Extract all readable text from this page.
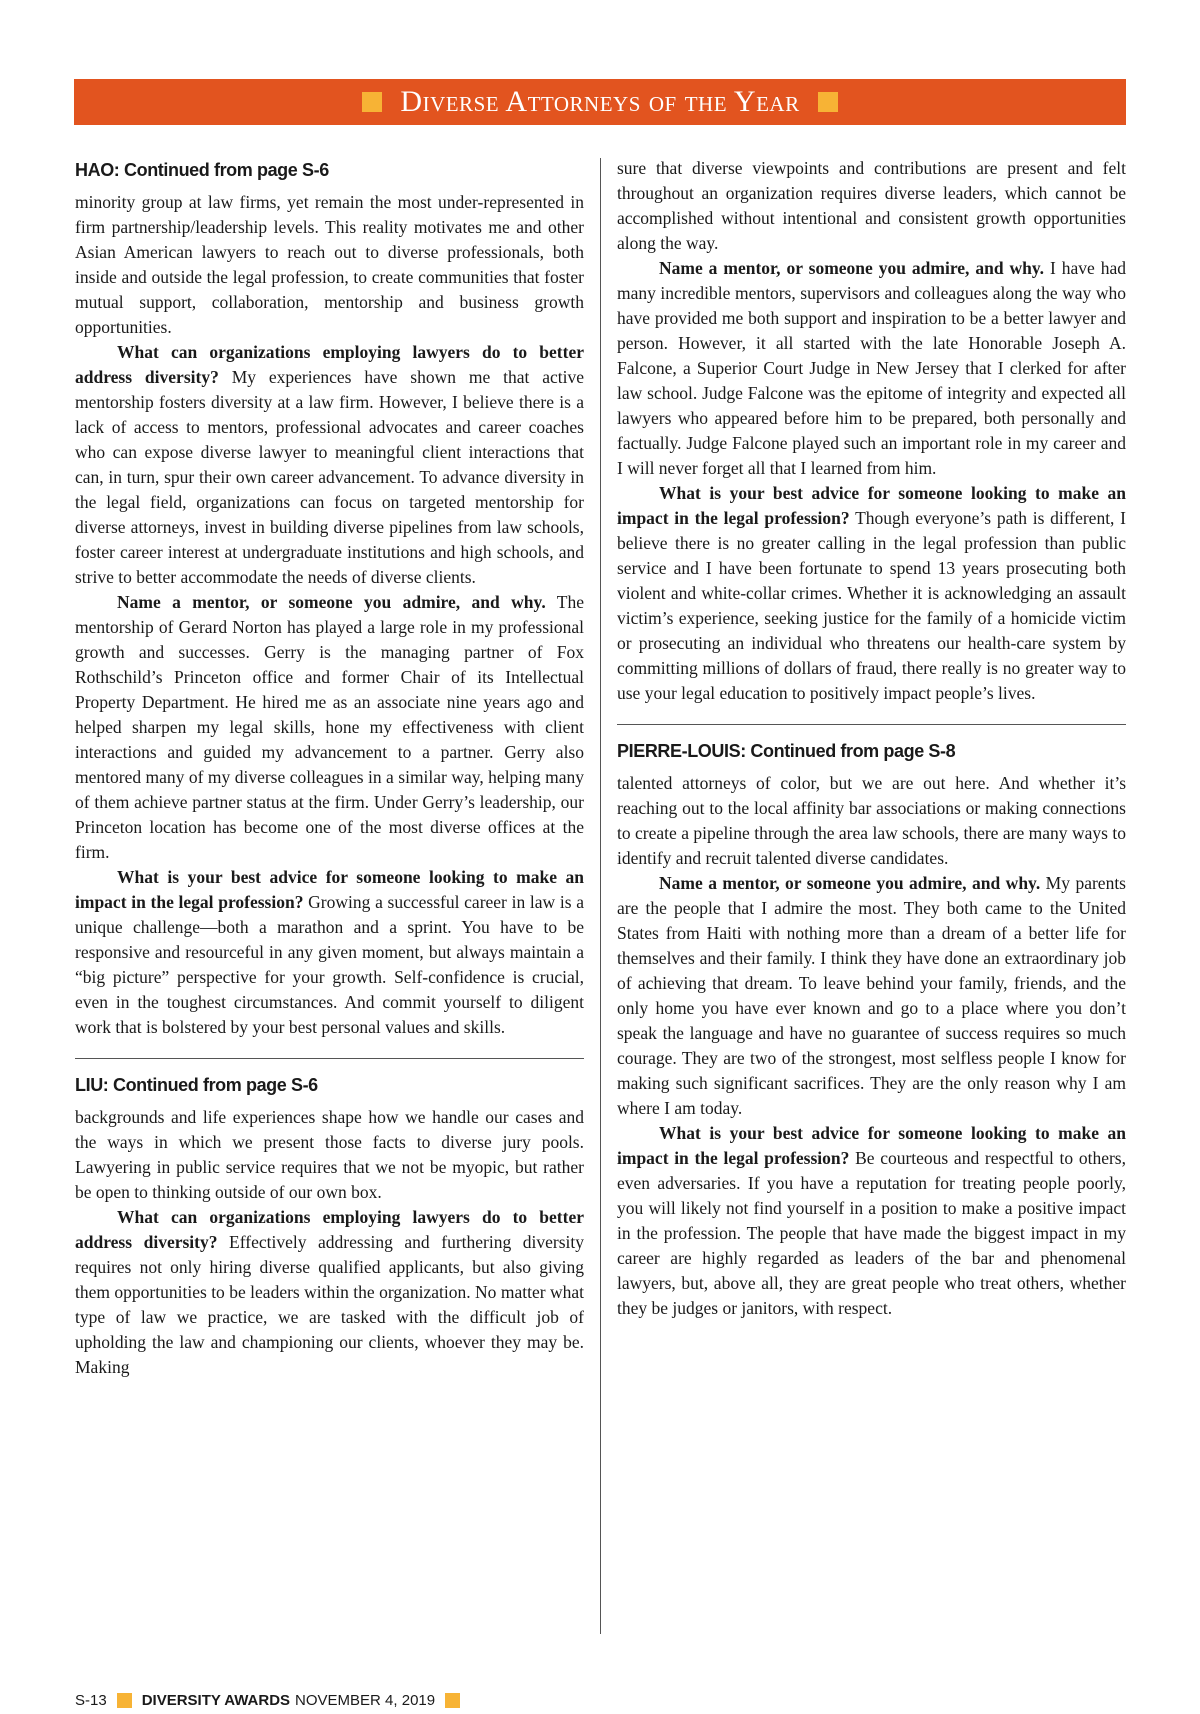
Diverse Attorneys of the Year
HAO: Continued from page S-6

minority group at law firms, yet remain the most under-represented in firm partnership/leadership levels. This reality motivates me and other Asian American lawyers to reach out to diverse professionals, both inside and outside the legal profession, to create communities that foster mutual support, collaboration, mentorship and business growth opportunities.

What can organizations employing lawyers do to better address diversity? My experiences have shown me that active mentorship fosters diversity at a law firm. However, I believe there is a lack of access to mentors, professional advocates and career coaches who can expose diverse lawyer to meaningful client interactions that can, in turn, spur their own career advancement. To advance diversity in the legal field, organizations can focus on targeted mentorship for diverse attorneys, invest in building diverse pipelines from law schools, foster career interest at undergraduate institutions and high schools, and strive to better accommodate the needs of diverse clients.

Name a mentor, or someone you admire, and why. The mentorship of Gerard Norton has played a large role in my professional growth and successes. Gerry is the managing partner of Fox Rothschild’s Princeton office and former Chair of its Intellectual Property Department. He hired me as an associate nine years ago and helped sharpen my legal skills, hone my effectiveness with client interactions and guided my advancement to a partner. Gerry also mentored many of my diverse colleagues in a similar way, helping many of them achieve partner status at the firm. Under Gerry’s leadership, our Princeton location has become one of the most diverse offices at the firm.

What is your best advice for someone looking to make an impact in the legal profession? Growing a successful career in law is a unique challenge—both a marathon and a sprint. You have to be responsive and resourceful in any given moment, but always maintain a “big picture” perspective for your growth. Self-confidence is crucial, even in the toughest circumstances. And commit yourself to diligent work that is bolstered by your best personal values and skills.

LIU: Continued from page S-6

backgrounds and life experiences shape how we handle our cases and the ways in which we present those facts to diverse jury pools. Lawyering in public service requires that we not be myopic, but rather be open to thinking outside of our own box.

What can organizations employing lawyers do to better address diversity? Effectively addressing and furthering diversity requires not only hiring diverse qualified applicants, but also giving them opportunities to be leaders within the organization. No matter what type of law we practice, we are tasked with the difficult job of upholding the law and championing our clients, whoever they may be. Making

sure that diverse viewpoints and contributions are present and felt throughout an organization requires diverse leaders, which cannot be accomplished without intentional and consistent growth opportunities along the way.

Name a mentor, or someone you admire, and why. I have had many incredible mentors, supervisors and colleagues along the way who have provided me both support and inspiration to be a better lawyer and person. However, it all started with the late Honorable Joseph A. Falcone, a Superior Court Judge in New Jersey that I clerked for after law school. Judge Falcone was the epitome of integrity and expected all lawyers who appeared before him to be prepared, both personally and factually. Judge Falcone played such an important role in my career and I will never forget all that I learned from him.

What is your best advice for someone looking to make an impact in the legal profession? Though everyone’s path is different, I believe there is no greater calling in the legal profession than public service and I have been fortunate to spend 13 years prosecuting both violent and white-collar crimes. Whether it is acknowledging an assault victim’s experience, seeking justice for the family of a homicide victim or prosecuting an individual who threatens our health-care system by committing millions of dollars of fraud, there really is no greater way to use your legal education to positively impact people’s lives.

PIERRE-LOUIS: Continued from page S-8

talented attorneys of color, but we are out here. And whether it’s reaching out to the local affinity bar associations or making connections to create a pipeline through the area law schools, there are many ways to identify and recruit talented diverse candidates.

Name a mentor, or someone you admire, and why. My parents are the people that I admire the most. They both came to the United States from Haiti with nothing more than a dream of a better life for themselves and their family. I think they have done an extraordinary job of achieving that dream. To leave behind your family, friends, and the only home you have ever known and go to a place where you don’t speak the language and have no guarantee of success requires so much courage. They are two of the strongest, most selfless people I know for making such significant sacrifices. They are the only reason why I am where I am today.

What is your best advice for someone looking to make an impact in the legal profession? Be courteous and respectful to others, even adversaries. If you have a reputation for treating people poorly, you will likely not find yourself in a position to make a positive impact in the profession. The people that have made the biggest impact in my career are highly regarded as leaders of the bar and phenomenal lawyers, but, above all, they are great people who treat others, whether they be judges or janitors, with respect.

S-13 DIVERSITY AWARDS NOVEMBER 4, 2019
